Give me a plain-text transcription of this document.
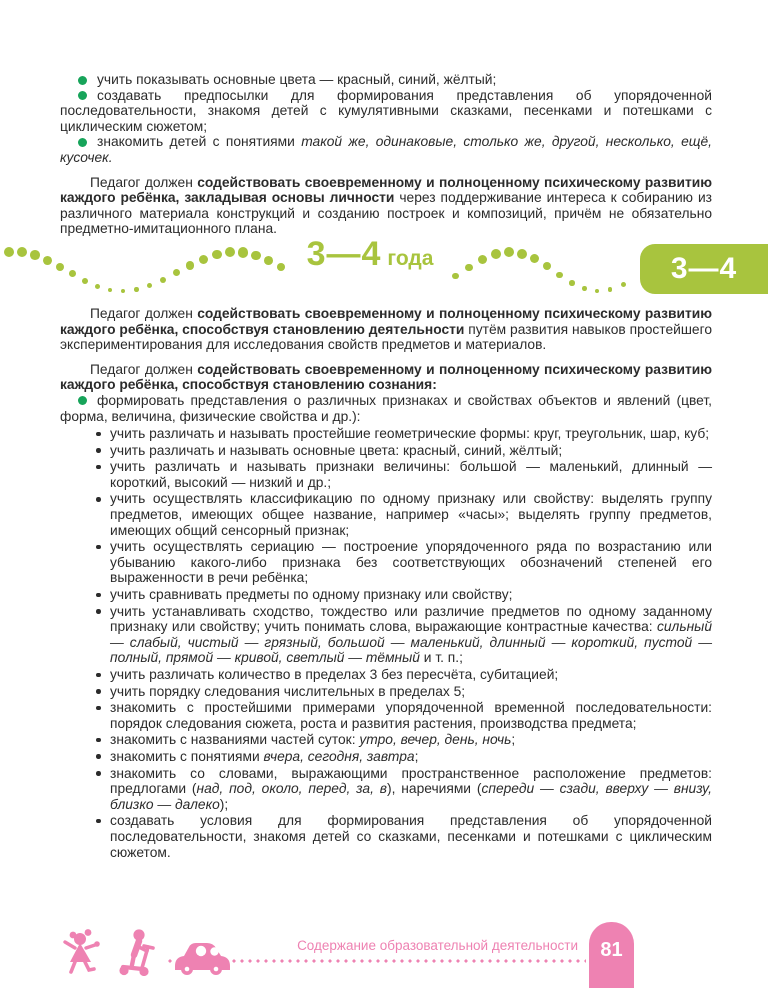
учить показывать основные цвета — красный, синий, жёлтый;

создавать предпосылки для формирования представления об упорядоченной последовательности, знакомя детей с кумулятивными сказками, песенками и потешками с циклическим сюжетом;

знакомить детей с понятиями такой же, одинаковые, столько же, другой, несколько, ещё, кусочек.

Педагог должен содействовать своевременному и полноценному психическому развитию каждого ребёнка, закладывая основы личности через поддерживание интереса к собиранию из различного материала конструкций и созданию построек и композиций, причём не обязательно предметно-имитационного плана.

3—4 года	3—4

Педагог должен содействовать своевременному и полноценному психическому развитию каждого ребёнка, способствуя становлению деятельности путём развития навыков простейшего экспериментирования для исследования свойств предметов и материалов.

Педагог должен содействовать своевременному и полноценному психическому развитию каждого ребёнка, способствуя становлению сознания:

формировать представления о различных признаках и свойствах объектов и явлений (цвет, форма, величина, физические свойства и др.):

учить различать и называть простейшие геометрические формы: круг, треугольник, шар, куб;
учить различать и называть основные цвета: красный, синий, жёлтый;
учить различать и называть признаки величины: большой — маленький, длинный — короткий, высокий — низкий и др.;
учить осуществлять классификацию по одному признаку или свойству: выделять группу предметов, имеющих общее название, например «часы»; выделять группу предметов, имеющих общий сенсорный признак;
учить осуществлять сериацию — построение упорядоченного ряда по возрастанию или убыванию какого-либо признака без соответствующих обозначений степеней его выраженности в речи ребёнка;
учить сравнивать предметы по одному признаку или свойству;
учить устанавливать сходство, тождество или различие предметов по одному заданному признаку или свойству; учить понимать слова, выражающие контрастные качества: сильный — слабый, чистый — грязный, большой — маленький, длинный — короткий, пустой — полный, прямой — кривой, светлый — тёмный и т. п.;
учить различать количество в пределах 3 без пересчёта, субитацией;
учить порядку следования числительных в пределах 5;
знакомить с простейшими примерами упорядоченной временной последовательности: порядок следования сюжета, роста и развития растения, производства предмета;
знакомить с названиями частей суток: утро, вечер, день, ночь;
знакомить с понятиями вчера, сегодня, завтра;
знакомить со словами, выражающими пространственное расположение предметов: предлогами (над, под, около, перед, за, в), наречиями (спереди — сзади, вверху — внизу, близко — далеко);
создавать условия для формирования представления об упорядоченной последовательности, знакомя детей со сказками, песенками и потешками с циклическим сюжетом.

Содержание образовательной деятельности	81
